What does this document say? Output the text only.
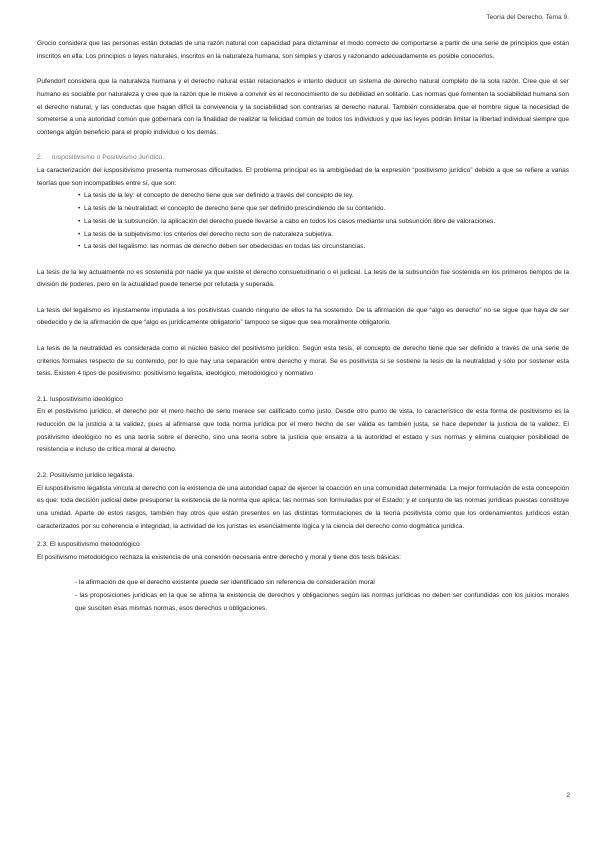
Teoría del Derecho. Tema 9.

Grocio considera que las personas están dotadas de una razón natural con capacidad para dictaminar el modo correcto de comportarse a partir de una serie de principios que están inscritos en ella. Los principios o leyes naturales, inscritos en la naturaleza humana, son simples y claros y razonando adecuadamente es posible conocerlos.

Pufendorf considera que la naturaleza humana y el derecho natural están relacionados e intento deducir un sistema de derecho natural completo de la sola razón. Cree que el ser humano es sociable por naturaleza y cree que la razón que le mueve a convivir es el reconocimiento de su debilidad en solitario. Las normas que fomenten la sociabilidad humana son el derecho natural, y las conductas que hagan difícil la convivencia y la sociabilidad son contrarias al derecho natural. También consideraba que el hombre sigue la necesidad de someterse a una autoridad común que gobernara con la finalidad de realizar la felicidad común de todos los individuos y que las leyes podrán limitar la libertad individual siempre que contenga algún beneficio para el propio individuo o los demás.

2. Iuspositivismo o Positivismo Jurídico.

La caracterización del iuspositivismo presenta numerosas dificultades. El problema principal es la ambigüedad de la expresión “positivismo jurídico” debido a que se refiere a varias teorías que son incompatibles entre sí, que son:

• La tesis de la ley: el concepto de derecho tiene que ser definido a través del concepto de ley.
• La tesis de la neutralidad: el concepto de derecho tiene que ser definido prescindiendo de su contenido.
• La tesis de la subsunción: la aplicación del derecho puede llevarse a cabo en todos los casos mediante una subsunción libre de valoraciones.
• La tesis de la subjetivismo: los criterios del derecho recto son de naturaleza subjetiva.
• La tesis del legalismo: las normas de derecho deben ser obedecidas en todas las circunstancias.

La tesis de la ley actualmente no es sostenida por nadie ya que existe el derecho consuetudinario o el judicial. La tesis de la subsunción fue sostenida en los primeros tiempos de la división de poderes, pero en la actualidad puede tenerse por refutada y superada.

La tesis del legalismo es injustamente imputada a los positivistas cuando ninguno de ellos la ha sostenido. De la afirmación de que “algo es derecho” no se sigue que haya de ser obedecido y de la afirmación de que “algo es jurídicamente obligatorio” tampoco se sigue que sea moralmente obligatorio.

La tesis de la neutralidad es considerada como el núcleo básico del positivismo jurídico. Según esta tesis, el concepto de derecho tiene que ser definido a través de una serie de criterios formales respecto de su contenido, por lo que hay una separación entre derecho y moral. Se es positivista si se sostiene la tesis de la neutralidad y sólo por sostener esta tesis. Existen 4 tipos de positivismo: positivismo legalista, ideológico, metodológico y normativo

2.1. Iuspositivismo ideológico

En el positivismo jurídico, el derecho por el mero hecho de serlo merece ser calificado como justo. Desde otro punto de vista, lo característico de esta forma de positivismo es la reducción de la justicia a la validez, pues al afirmarse que toda norma jurídica por el mero hecho de ser válida es también justa, se hace depender la justicia de la validez. El positivismo ideológico no es una teoría sobre el derecho, sino una teoría sobre la justicia que ensalza a la autoridad el estado y sus normas y elimina cualquier posibilidad de resistencia e incluso de crítica moral al derecho.

2.2. Positivismo jurídico legalista.

El iuspositivismo legalista vincula al derecho con la existencia de una autoridad capaz de ejercer la coacción en una comunidad determinada. La mejor formulación de esta concepción es que: toda decisión judicial debe presuponer la existencia de la norma que aplica; las normas son formuladas por el Estado; y el conjunto de las normas jurídicas puestas constituye una unidad. Aparte de estos rasgos, también hay otros que están presentes en las distintas formulaciones de la teoría positivista como que los ordenamientos jurídicos están caracterizados por su coherencia e integridad, la actividad de los juristas es esencialmente lógica y la ciencia del derecho como dogmática jurídica.

2.3. El iuspositivismo metodológico

El positivismo metodológico rechaza la existencia de una conexión necesaria entre derecho y moral y tiene dos tesis básicas:

- la afirmación de que el derecho existente puede ser identificado sin referencia de consideración moral
- las proposiciones jurídicas en la que se afirma la existencia de derechos y obligaciones según las normas jurídicas no deben ser confundidas con los juicios morales que susciten esas mismas normas, esos derechos u obligaciones.
2
